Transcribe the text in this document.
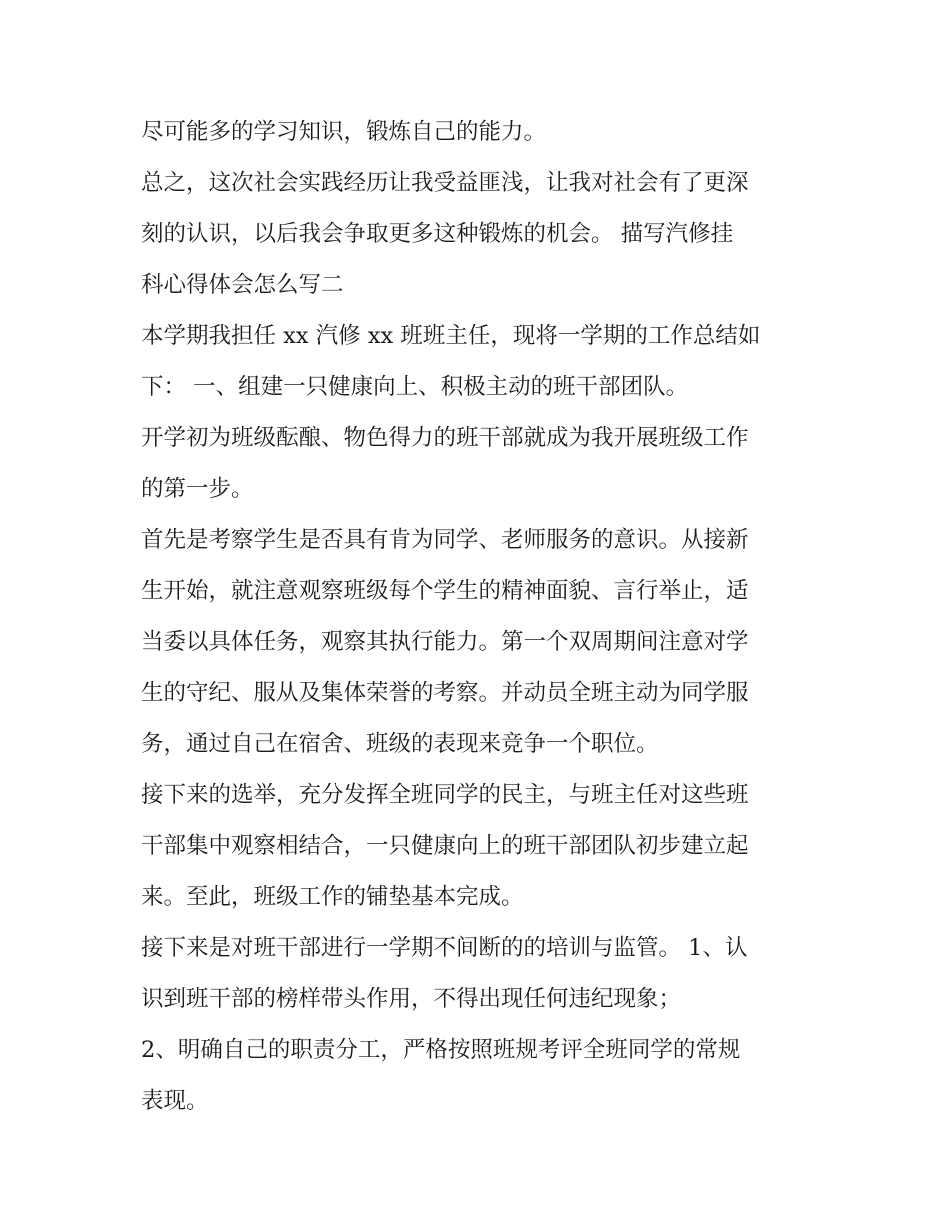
尽可能多的学习知识，锻炼自己的能力。
总之，这次社会实践经历让我受益匪浅，让我对社会有了更深
刻的认识，以后我会争取更多这种锻炼的机会。 描写汽修挂
科心得体会怎么写二
本学期我担任 xx 汽修 xx 班班主任，现将一学期的工作总结如
下： 一、组建一只健康向上、积极主动的班干部团队。
开学初为班级酝酿、物色得力的班干部就成为我开展班级工作
的第一步。
首先是考察学生是否具有肯为同学、老师服务的意识。从接新
生开始，就注意观察班级每个学生的精神面貌、言行举止，适
当委以具体任务，观察其执行能力。第一个双周期间注意对学
生的守纪、服从及集体荣誉的考察。并动员全班主动为同学服
务，通过自己在宿舍、班级的表现来竞争一个职位。
接下来的选举，充分发挥全班同学的民主，与班主任对这些班
干部集中观察相结合，一只健康向上的班干部团队初步建立起
来。至此，班级工作的铺垫基本完成。
接下来是对班干部进行一学期不间断的的培训与监管。 1、认
识到班干部的榜样带头作用，不得出现任何违纪现象；
2、明确自己的职责分工，严格按照班规考评全班同学的常规
表现。
